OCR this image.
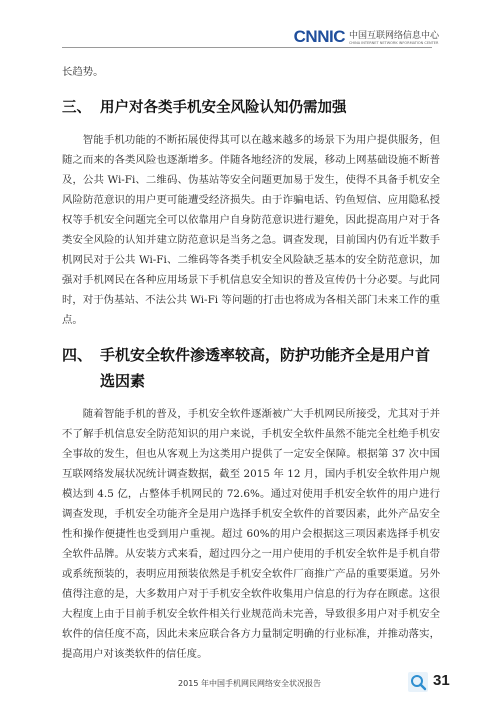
CNNIC 中国互联网络信息中心
CHINA INTERNET NETWORK INFORMATION CENTER

长趋势。

三、 用户对各类手机安全风险认知仍需加强

智能手机功能的不断拓展使得其可以在越来越多的场景下为用户提供服务，但随之而来的各类风险也逐渐增多。伴随各地经济的发展，移动上网基础设施不断普及，公共 Wi-Fi、二维码、伪基站等安全问题更加易于发生，使得不具备手机安全风险防范意识的用户更可能遭受经济损失。由于诈骗电话、钓鱼短信、应用隐私授权等手机安全问题完全可以依靠用户自身防范意识进行避免，因此提高用户对于各类安全风险的认知并建立防范意识是当务之急。调查发现，目前国内仍有近半数手机网民对于公共 Wi-Fi、二维码等各类手机安全风险缺乏基本的安全防范意识，加强对手机网民在各种应用场景下手机信息安全知识的普及宣传仍十分必要。与此同时，对于伪基站、不法公共 Wi-Fi 等问题的打击也将成为各相关部门未来工作的重点。

四、 手机安全软件渗透率较高，防护功能齐全是用户首选因素

随着智能手机的普及，手机安全软件逐渐被广大手机网民所接受，尤其对于并不了解手机信息安全防范知识的用户来说，手机安全软件虽然不能完全杜绝手机安全事故的发生，但也从客观上为这类用户提供了一定安全保障。根据第 37 次中国互联网络发展状况统计调查数据，截至 2015 年 12 月，国内手机安全软件用户规模达到 4.5 亿，占整体手机网民的 72.6%。通过对使用手机安全软件的用户进行调查发现，手机安全功能齐全是用户选择手机安全软件的首要因素，此外产品安全性和操作便捷性也受到用户重视。超过 60%的用户会根据这三项因素选择手机安全软件品牌。从安装方式来看，超过四分之一用户使用的手机安全软件是手机自带或系统预装的，表明应用预装依然是手机安全软件厂商推广产品的重要渠道。另外值得注意的是，大多数用户对于手机安全软件收集用户信息的行为存在顾虑。这很大程度上由于目前手机安全软件相关行业规范尚未完善，导致很多用户对手机安全软件的信任度不高，因此未来应联合各方力量制定明确的行业标准，并推动落实，提高用户对该类软件的信任度。

2015 年中国手机网民网络安全状况报告	31
